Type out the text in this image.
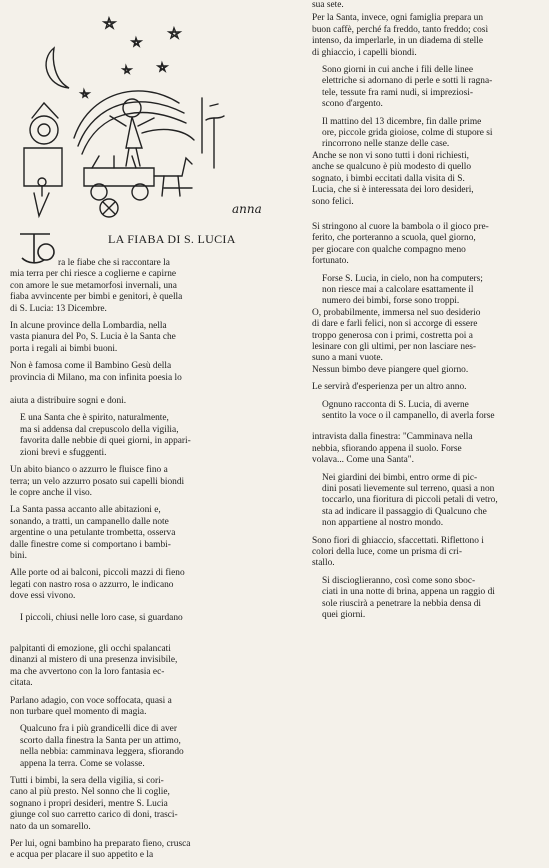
anna
LA FIABA DI S. LUCIA

ra le fiabe che si raccontare la

mia terra per chi riesce a coglierne e capirne
con amore le sue metamorfosi invernali, una
fiaba avvincente per bimbi e genitori, è quella
di S. Lucia: 13 Dicembre.

In alcune province della Lombardia, nella
vasta pianura del Po, S. Lucia è la Santa che
porta i regali ai bimbi buoni.

Non è famosa come il Bambino Gesù della
provincia di Milano, ma con infinita poesia lo

aiuta a distribuire sogni e doni.

È una Santa che è spirito, naturalmente,
ma si addensa dal crepuscolo della vigilia,
favorita dalle nebbie di quei giorni, in appari-
zioni brevi e sfuggenti.

Un abito bianco o azzurro le fluisce fino a
terra; un velo azzurro posato sui capelli biondi
le copre anche il viso.

La Santa passa accanto alle abitazioni e,
sonando, a tratti, un campanello dalle note
argentine o una petulante trombetta, osserva
dalle finestre come si comportano i bambi-
bini.

Alle porte od ai balconi, piccoli mazzi di fieno
legati con nastro rosa o azzurro, le indicano
dove essi vivono.

I piccoli, chiusi nelle loro case, si guardano

palpitanti di emozione, gli occhi spalancati
dinanzi al mistero di una presenza invisibile,
ma che avvertono con la loro fantasia ec-
citata.

Parlano adagio, con voce soffocata, quasi a
non turbare quel momento di magia.

Qualcuno fra i più grandicelli dice di aver
scorto dalla finestra la Santa per un attimo,
nella nebbia: camminava leggera, sfiorando
appena la terra. Come se volasse.

Tutti i bimbi, la sera della vigilia, si cori-
cano al più presto. Nel sonno che li coglie,
sognano i propri desideri, mentre S. Lucia
giunge col suo carretto carico di doni, trasci-
nato da un somarello.

Per lui, ogni bambino ha preparato fieno, crusca
e acqua per placare il suo appetito e la

sua sete.

Per la Santa, invece, ogni famiglia prepara un
buon caffè, perché fa freddo, tanto freddo; così
intenso, da imperlarle, in un diadema di stelle
di ghiaccio, i capelli biondi.

Sono giorni in cui anche i fili delle linee
elettriche si adornano di perle e sotti li ragna-
tele, tessute fra rami nudi, si impreziosi-
scono d'argento.

Il mattino del 13 dicembre, fin dalle prime
ore, piccole grida gioiose, colme di stupore si
rincorrono nelle stanze delle case.

Anche se non vi sono tutti i doni richiesti,
anche se qualcuno è più modesto di quello
sognato, i bimbi eccitati dalla visita di S.
Lucia, che si è interessata dei loro desideri,
sono felici.

Si stringono al cuore la bambola o il gioco pre-
ferito, che porteranno a scuola, quel giorno,
per giocare con qualche compagno meno
fortunato.

Forse S. Lucia, in cielo, non ha computers;
non riesce mai a calcolare esattamente il
numero dei bimbi, forse sono troppi.

O, probabilmente, immersa nel suo desiderio
di dare e farli felici, non si accorge di essere
troppo generosa con i primi, costretta poi a
lesinare con gli ultimi, per non lasciare nes-
suno a mani vuote.

Nessun bimbo deve piangere quel giorno.

Le servirà d'esperienza per un altro anno.

Ognuno racconta di S. Lucia, di averne
sentito la voce o il campanello, di averla forse

intravista dalla finestra: "Camminava nella
nebbia, sfiorando appena il suolo. Forse
volava... Come una Santa".

Nei giardini dei bimbi, entro orme di pic-
dini posati lievemente sul terreno, quasi a non
toccarlo, una fioritura di piccoli petali di vetro,
sta ad indicare il passaggio di Qualcuno che
non appartiene al nostro mondo.

Sono fiori di ghiaccio, sfaccettati. Riflettono i
colori della luce, come un prisma di cri-
stallo.

Si discioglieranno, così come sono sboc-
ciati in una notte di brina, appena un raggio di
sole riuscirà a penetrare la nebbia densa di
quei giorni.
